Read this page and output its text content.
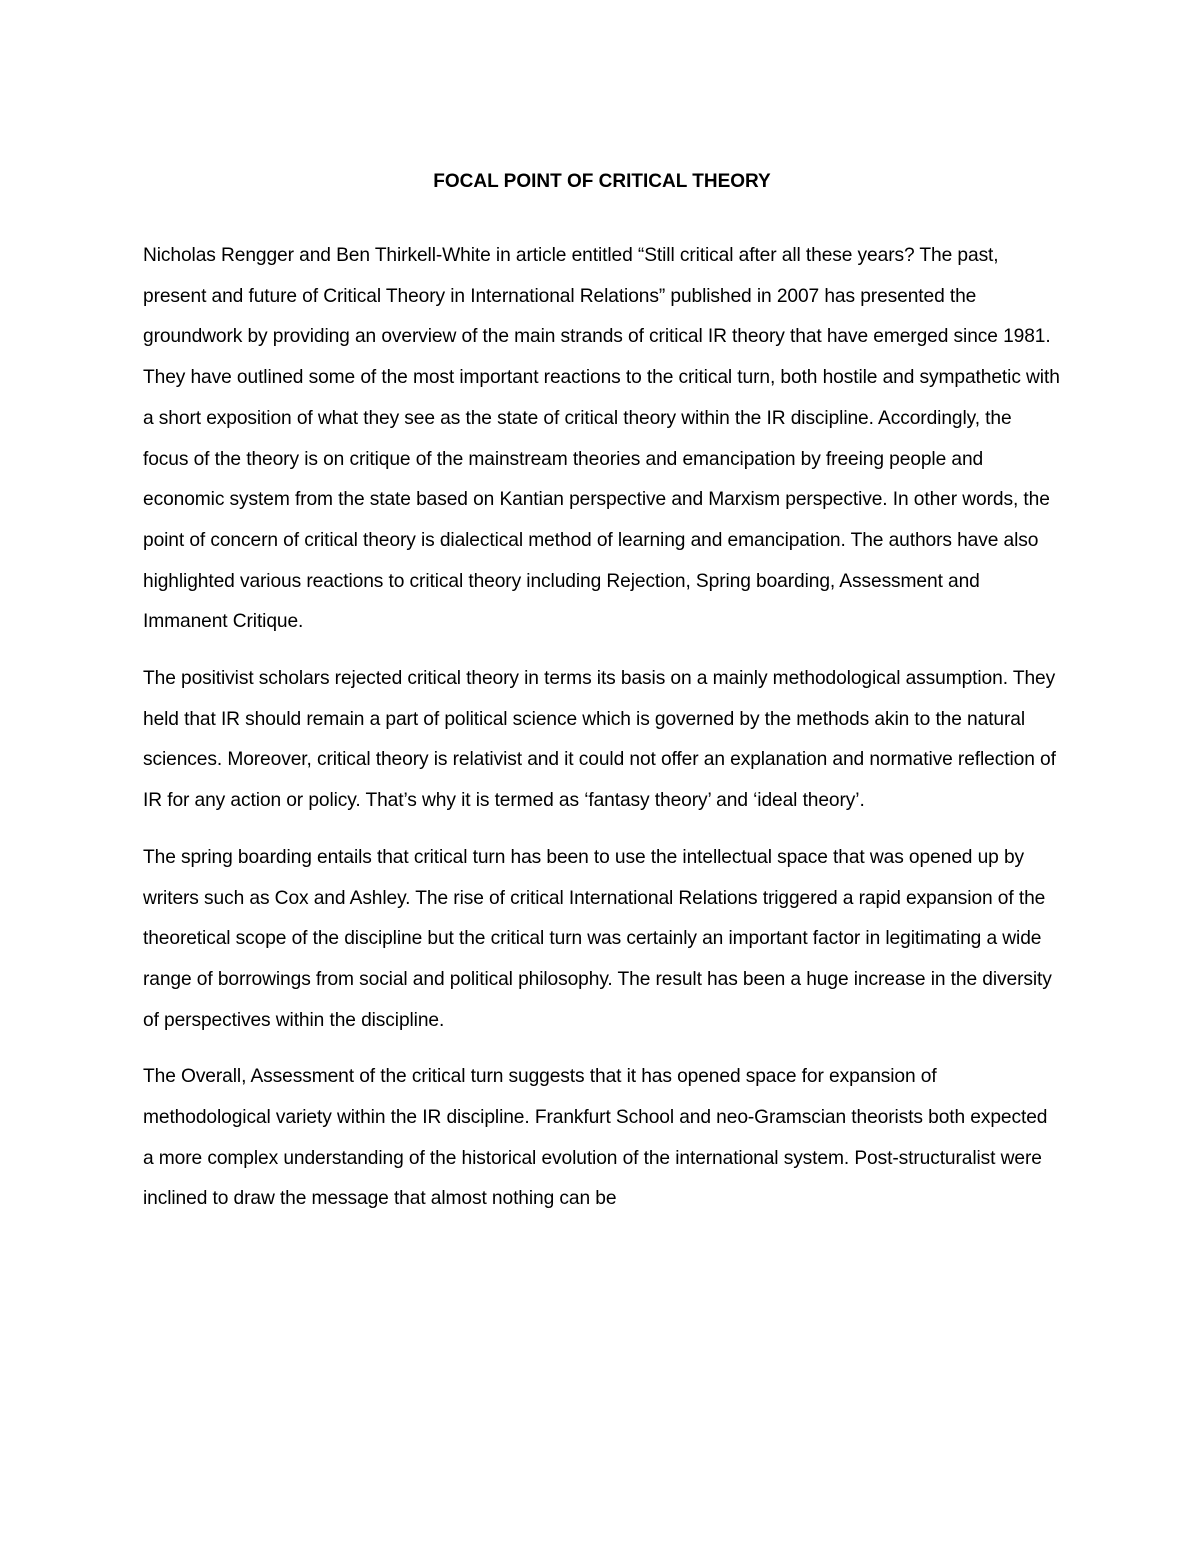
FOCAL POINT OF CRITICAL THEORY

Nicholas Rengger and Ben Thirkell-White in article entitled “Still critical after all these years? The past, present and future of Critical Theory in International Relations” published in 2007 has presented the groundwork by providing an overview of the main strands of critical IR theory that have emerged since 1981. They have outlined some of the most important reactions to the critical turn, both hostile and sympathetic with a short exposition of what they see as the state of critical theory within the IR discipline. Accordingly, the focus of the theory is on critique of the mainstream theories and emancipation by freeing people and economic system from the state based on Kantian perspective and Marxism perspective. In other words, the point of concern of critical theory is dialectical method of learning and emancipation. The authors have also highlighted various reactions to critical theory including Rejection, Spring boarding, Assessment and Immanent Critique.

The positivist scholars rejected critical theory in terms its basis on a mainly methodological assumption. They held that IR should remain a part of political science which is governed by the methods akin to the natural sciences. Moreover, critical theory is relativist and it could not offer an explanation and normative reflection of IR for any action or policy. That’s why it is termed as ‘fantasy theory’ and ‘ideal theory’.

The spring boarding entails that critical turn has been to use the intellectual space that was opened up by writers such as Cox and Ashley. The rise of critical International Relations triggered a rapid expansion of the theoretical scope of the discipline but the critical turn was certainly an important factor in legitimating a wide range of borrowings from social and political philosophy. The result has been a huge increase in the diversity of perspectives within the discipline.

The Overall, Assessment of the critical turn suggests that it has opened space for expansion of methodological variety within the IR discipline. Frankfurt School and neo-Gramscian theorists both expected a more complex understanding of the historical evolution of the international system. Post-structuralist were inclined to draw the message that almost nothing can be
